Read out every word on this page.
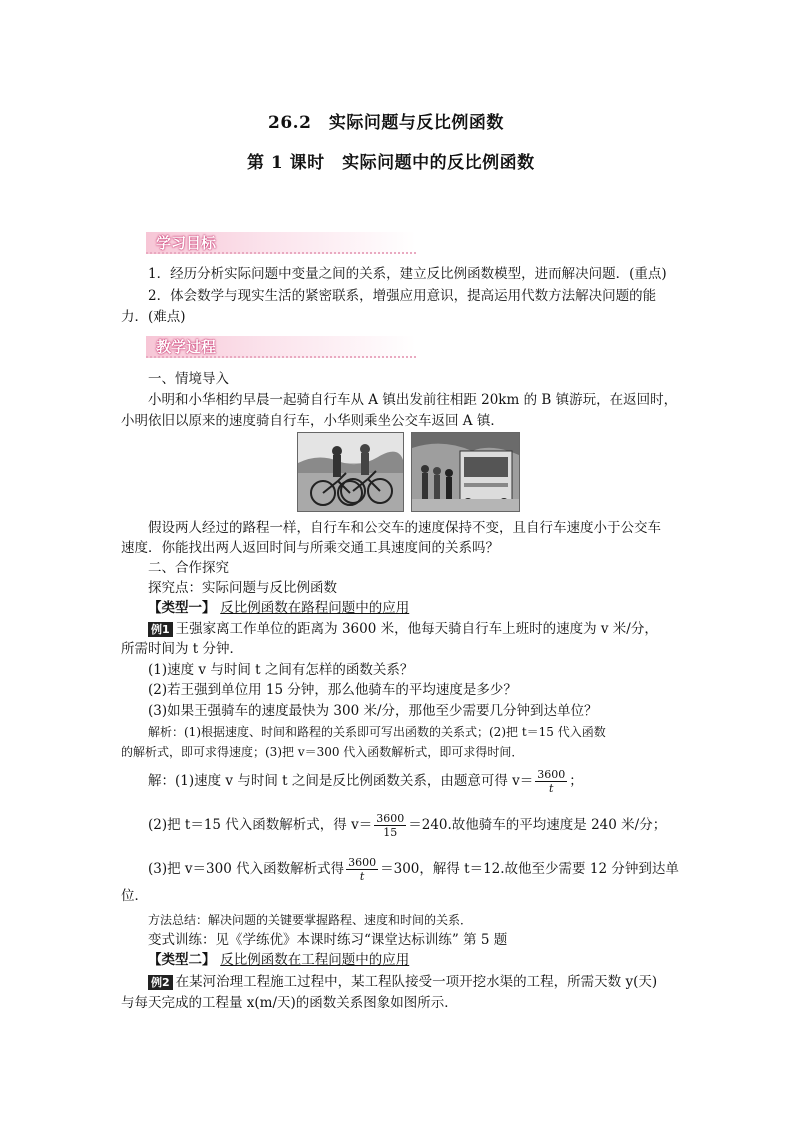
26.2　实际问题与反比例函数
第 1 课时　实际问题中的反比例函数
学习目标
1．经历分析实际问题中变量之间的关系，建立反比例函数模型，进而解决问题．(重点)
2．体会数学与现实生活的紧密联系，增强应用意识，提高运用代数方法解决问题的能
力．(难点)
教学过程
一、情境导入
小明和小华相约早晨一起骑自行车从 A 镇出发前往相距 20km 的 B 镇游玩，在返回时，
小明依旧以原来的速度骑自行车，小华则乘坐公交车返回 A 镇．
假设两人经过的路程一样，自行车和公交车的速度保持不变，且自行车速度小于公交车
速度．你能找出两人返回时间与所乘交通工具速度间的关系吗？
二、合作探究
探究点：实际问题与反比例函数
【类型一】 反比例函数在路程问题中的应用
例1 王强家离工作单位的距离为 3600 米，他每天骑自行车上班时的速度为 v 米/分，
所需时间为 t 分钟．
(1)速度 v 与时间 t 之间有怎样的函数关系？
(2)若王强到单位用 15 分钟，那么他骑车的平均速度是多少？
(3)如果王强骑车的速度最快为 300 米/分，那他至少需要几分钟到达单位？
解析：(1)根据速度、时间和路程的关系即可写出函数的关系式；(2)把 t＝15 代入函数
的解析式，即可求得速度；(3)把 v＝300 代入函数解析式，即可求得时间．
解：(1)速度 v 与时间 t 之间是反比例函数关系，由题意可得 $v= \frac{3600}{t}$ ；
(2)把 t＝15 代入函数解析式，得 $v= \frac{3600}{15} =240$.故他骑车的平均速度是 240 米/分；
(3)把 v＝300 代入函数解析式得 $\frac{3600}{t} =300$，解得 t＝12.故他至少需要 12 分钟到达单
位．
方法总结：解决问题的关键要掌握路程、速度和时间的关系．
变式训练：见《学练优》本课时练习“课堂达标训练” 第 5 题
【类型二】 反比例函数在工程问题中的应用
例2 在某河治理工程施工过程中，某工程队接受一项开挖水渠的工程，所需天数 y(天)
与每天完成的工程量 x(m/天)的函数关系图象如图所示．
